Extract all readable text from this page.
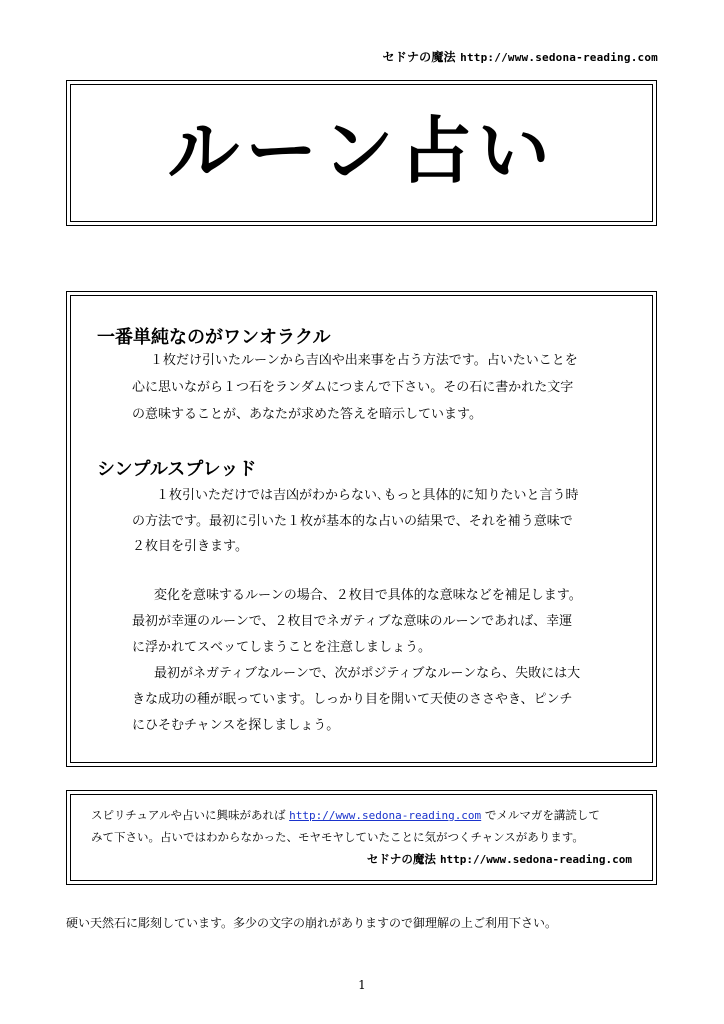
セドナの魔法 http://www.sedona-reading.com
ルーン占い
一番単純なのがワンオラクル

１枚だけ引いたルーンから吉凶や出来事を占う方法です。占いたいことを

心に思いながら１つ石をランダムにつまんで下さい。その石に書かれた文字

の意味することが、あなたが求めた答えを暗示しています。

シンプルスプレッド

１枚引いただけでは吉凶がわからない､もっと具体的に知りたいと言う時

の方法です。最初に引いた１枚が基本的な占いの結果で、それを補う意味で

２枚目を引きます。

変化を意味するルーンの場合、２枚目で具体的な意味などを補足します。

最初が幸運のルーンで、２枚目でネガティブな意味のルーンであれば、幸運

に浮かれてスベッてしまうことを注意しましょう。

最初がネガティブなルーンで、次がポジティブなルーンなら、失敗には大

きな成功の種が眠っています。しっかり目を開いて天使のささやき、ピンチ

にひそむチャンスを探しましょう。

スピリチュアルや占いに興味があれば http://www.sedona-reading.com でメルマガを講読して
みて下さい。占いではわからなかった、モヤモヤしていたことに気がつくチャンスがあります。
セドナの魔法 http://www.sedona-reading.com
硬い天然石に彫刻しています。多少の文字の崩れがありますので御理解の上ご利用下さい。
1
